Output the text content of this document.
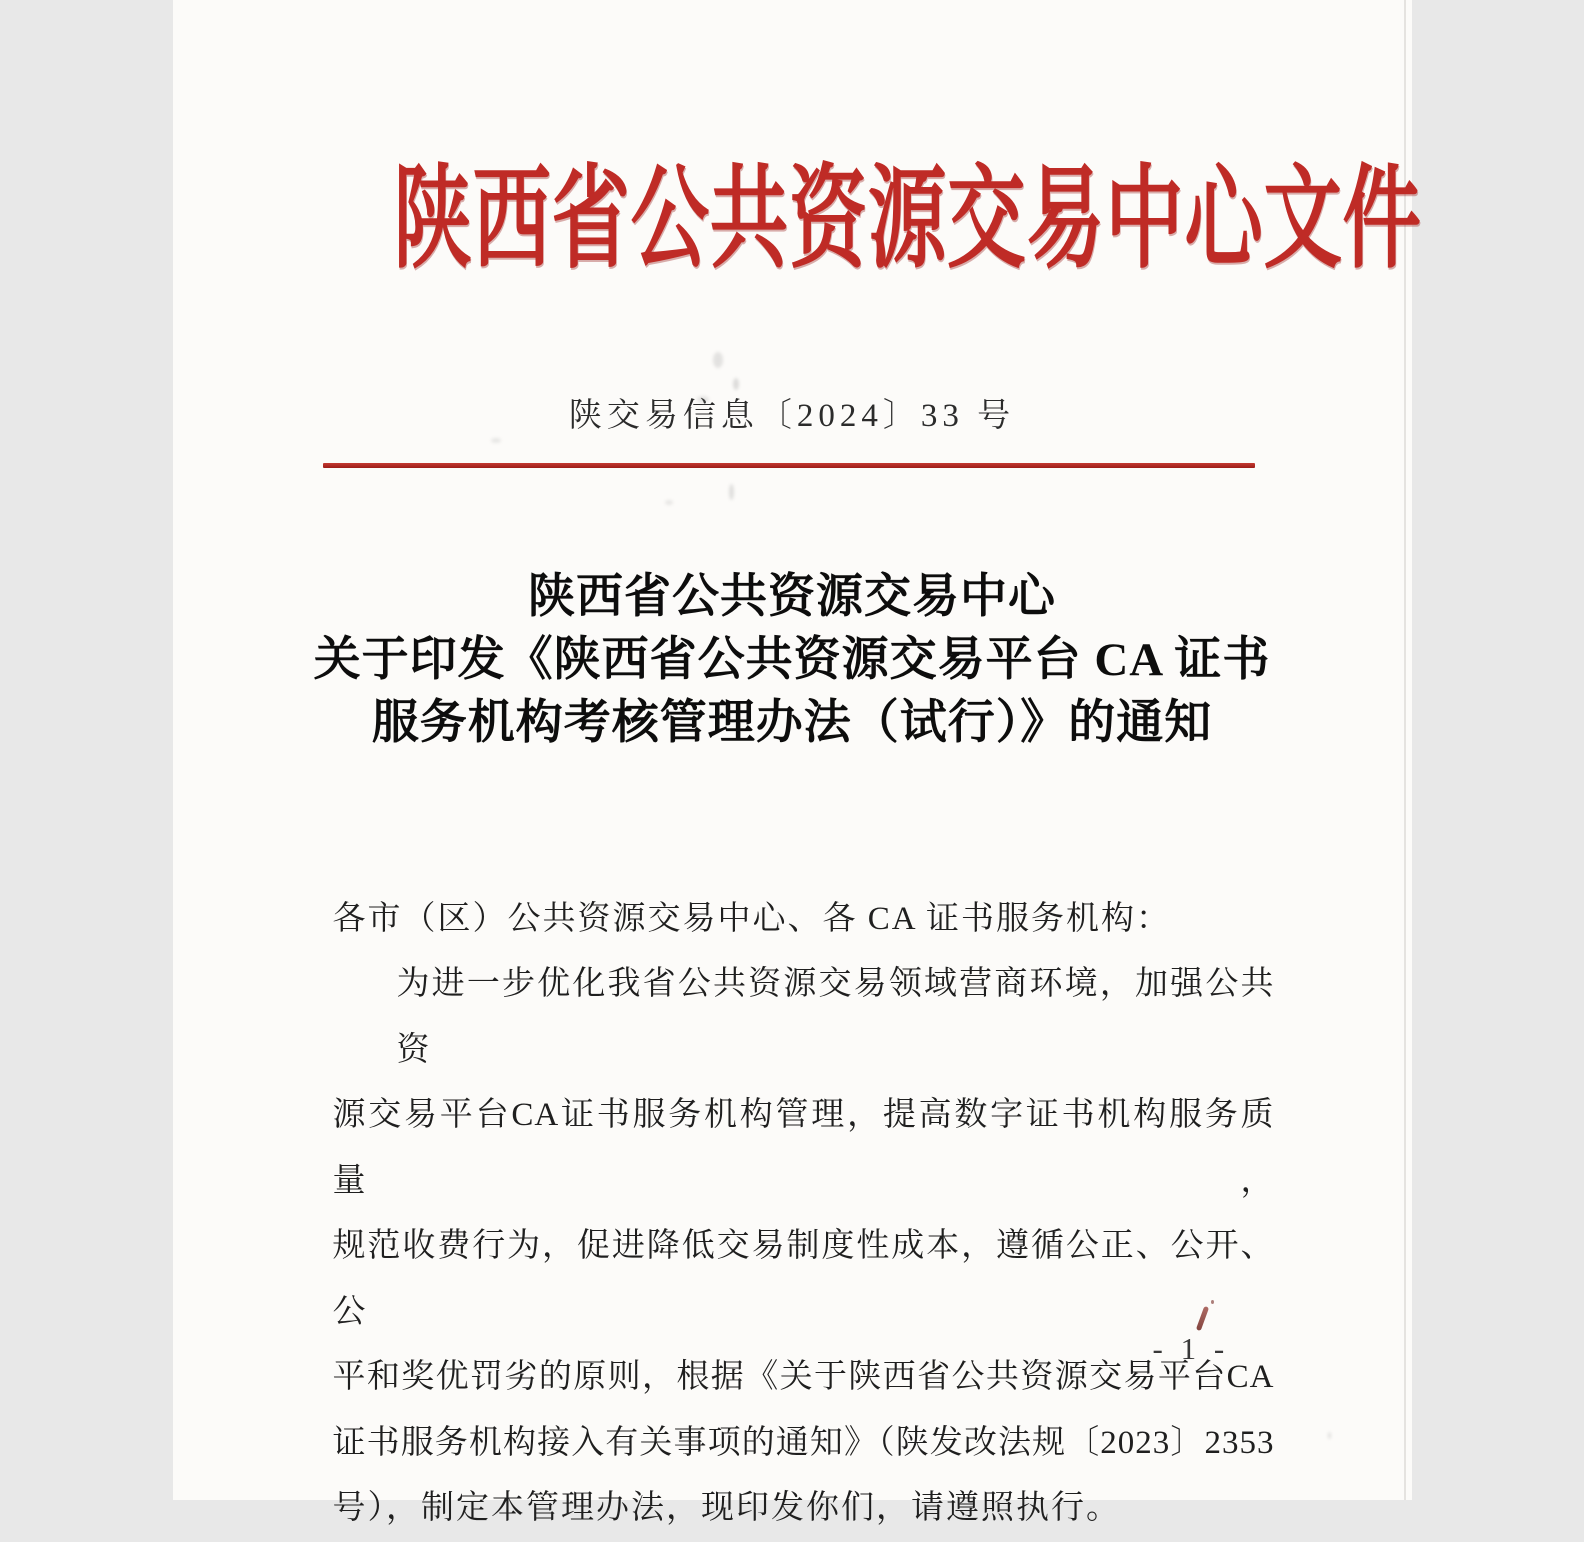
陕西省公共资源交易中心文件
陕交易信息〔2024〕33 号
陕西省公共资源交易中心
关于印发《陕西省公共资源交易平台 CA 证书
服务机构考核管理办法（试行）》的通知
各市（区）公共资源交易中心、各 CA 证书服务机构：
为进一步优化我省公共资源交易领域营商环境，加强公共资
源交易平台CA证书服务机构管理，提高数字证书机构服务质量，
规范收费行为，促进降低交易制度性成本，遵循公正、公开、公
平和奖优罚劣的原则，根据《关于陕西省公共资源交易平台CA
证书服务机构接入有关事项的通知》（陕发改法规〔2023〕2353
号），制定本管理办法，现印发你们，请遵照执行。
- 1 -
